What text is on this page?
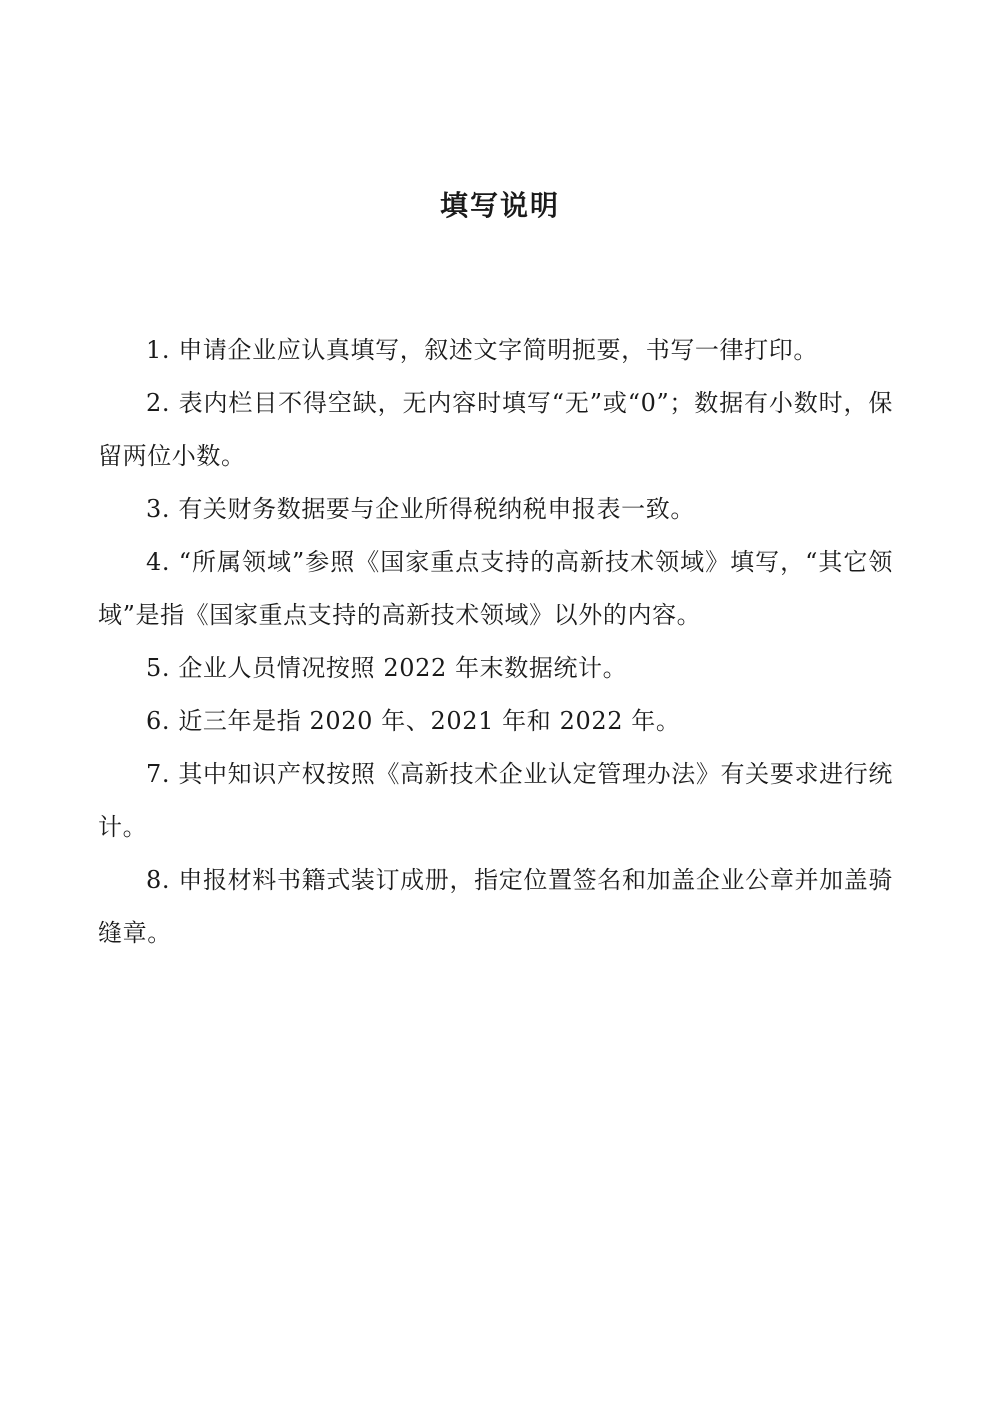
填写说明

1. 申请企业应认真填写，叙述文字简明扼要，书写一律打印。

2. 表内栏目不得空缺，无内容时填写“无”或“0”；数据有小数时，保留两位小数。

3. 有关财务数据要与企业所得税纳税申报表一致。

4. “所属领域”参照《国家重点支持的高新技术领域》填写，“其它领域”是指《国家重点支持的高新技术领域》以外的内容。

5. 企业人员情况按照 2022 年末数据统计。

6. 近三年是指 2020 年、2021 年和 2022 年。

7. 其中知识产权按照《高新技术企业认定管理办法》有关要求进行统计。

8. 申报材料书籍式装订成册，指定位置签名和加盖企业公章并加盖骑缝章。
